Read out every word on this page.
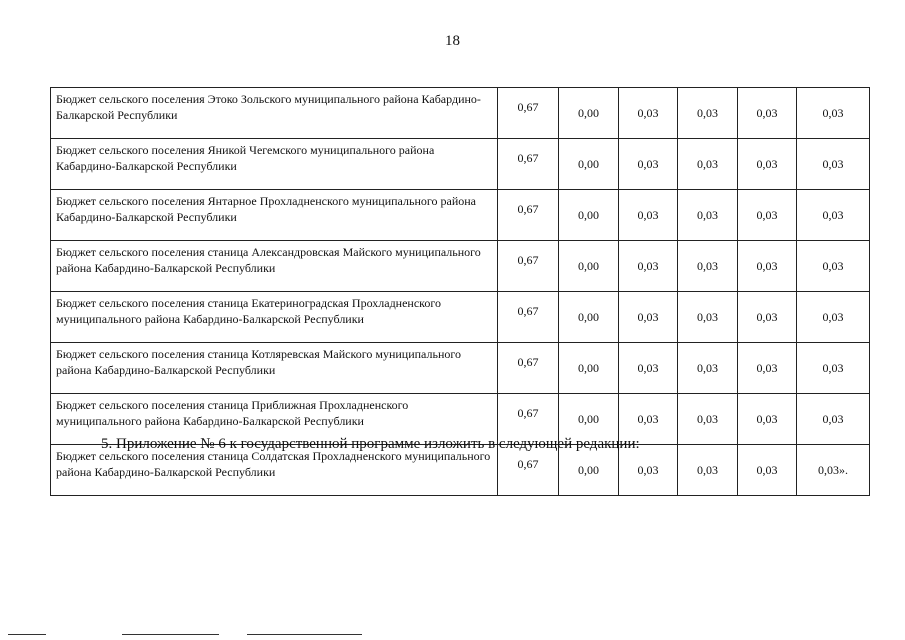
18
Бюджет сельского поселения Этоко Зольского муниципального района Кабардино-Балкарской Республики	0,67	0,00	0,03	0,03	0,03	0,03
Бюджет сельского поселения Яникой Чегемского муниципального района Кабардино-Балкарской Республики	0,67	0,00	0,03	0,03	0,03	0,03
Бюджет сельского поселения Янтарное Прохладненского муниципального района Кабардино-Балкарской Республики	0,67	0,00	0,03	0,03	0,03	0,03
Бюджет сельского поселения станица Александровская Майского муниципального района Кабардино-Балкарской Республики	0,67	0,00	0,03	0,03	0,03	0,03
Бюджет сельского поселения станица Екатериноградская Прохладненского муниципального района Кабардино-Балкарской Республики	0,67	0,00	0,03	0,03	0,03	0,03
Бюджет сельского поселения станица Котляревская Майского муниципального района Кабардино-Балкарской Республики	0,67	0,00	0,03	0,03	0,03	0,03
Бюджет сельского поселения станица Приближная Прохладненского муниципального района Кабардино-Балкарской Республики	0,67	0,00	0,03	0,03	0,03	0,03
Бюджет сельского поселения станица Солдатская Прохладненского муниципального района Кабардино-Балкарской Республики	0,67	0,00	0,03	0,03	0,03	0,03».
5. Приложение № 6 к государственной программе изложить в следующей редакции:
